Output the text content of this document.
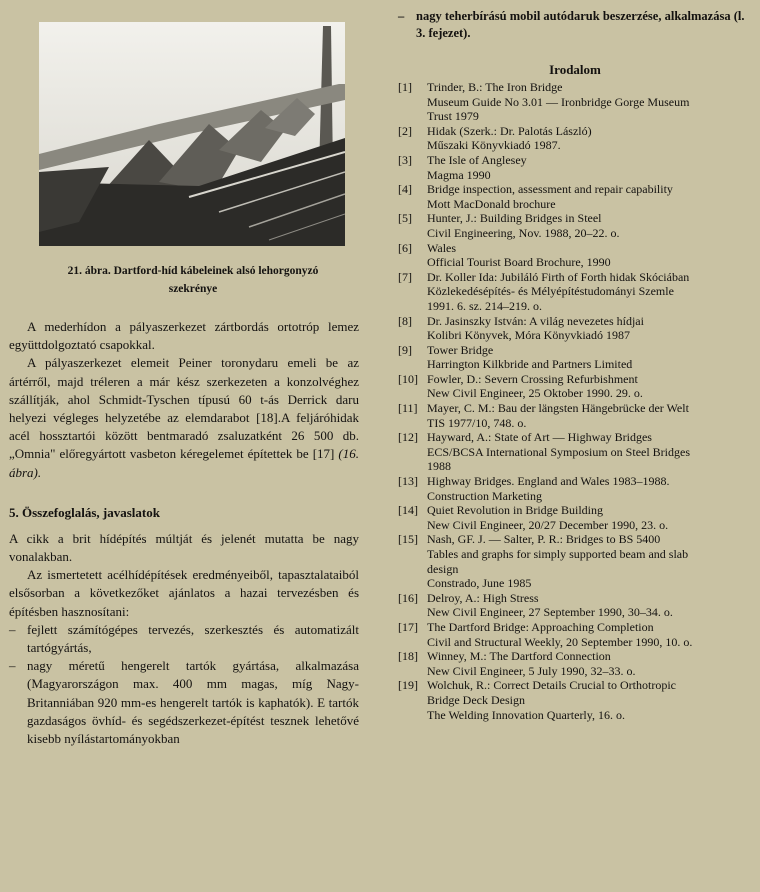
21. ábra. Dartford-híd kábeleinek alsó lehorgonyzó
szekrénye

A mederhídon a pályaszerkezet zártbordás ortotróp lemez együttdolgoztató csapokkal.

A pályaszerkezet elemeit Peiner toronydaru emeli be az ártérről, majd tréleren a már kész szerkezeten a konzolvéghez szállítják, ahol Schmidt-Tyschen típusú 60 t-ás Derrick daru helyezi végleges helyzetébe az elemdarabot [18].A feljáróhidak acél hossztartói között bentmaradó zsaluzatként 26 500 db. „Omnia" előregyártott vasbeton kéregelemet építettek be [17] (16. ábra).

5. Összefoglalás, javaslatok

A cikk a brit hídépítés múltját és jelenét mutatta be nagy vonalakban.

Az ismertetett acélhídépítések eredményeiből, tapasztalataiból elsősorban a következőket ajánlatos a hazai tervezésben és építésben hasznosítani:

– fejlett számítógépes tervezés, szerkesztés és automatizált tartógyártás,
– nagy méretű hengerelt tartók gyártása, alkalmazása (Magyarországon max. 400 mm magas, míg Nagy-Britanniában 920 mm-es hengerelt tartók is kaphatók). E tartók gazdaságos övhíd- és segédszerkezet-építést tesznek lehetővé kisebb nyílástartományokban
– nagy teherbírású mobil autódaruk beszerzése, alkalmazása (l. 3. fejezet).
Irodalom
[1]	Trinder, B.: The Iron Bridge
Museum Guide No 3.01 — Ironbridge Gorge Museum
Trust 1979
[2]	Hidak (Szerk.: Dr. Palotás László)
Műszaki Könyvkiadó 1987.
[3]	The Isle of Anglesey
Magma 1990
[4]	Bridge inspection, assessment and repair capability
Mott MacDonald brochure
[5]	Hunter, J.: Building Bridges in Steel
Civil Engineering, Nov. 1988, 20–22. o.
[6]	Wales
Official Tourist Board Brochure, 1990
[7]	Dr. Koller Ida: Jubiláló Firth of Forth hidak Skóciában
Közlekedésépítés- és Mélyépítéstudományi Szemle
1991. 6. sz. 214–219. o.
[8]	Dr. Jasinszky István: A világ nevezetes hídjai
Kolibri Könyvek, Móra Könyvkiadó 1987
[9]	Tower Bridge
Harrington Kilkbride and Partners Limited
[10] Fowler, D.: Severn Crossing Refurbishment
New Civil Engineer, 25 Oktober 1990. 29. o.
[11] Mayer, C. M.: Bau der längsten Hängebrücke der Welt
TIS 1977/10, 748. o.
[12] Hayward, A.: State of Art — Highway Bridges
ECS/BCSA International Symposium on Steel Bridges
1988
[13] Highway Bridges. England and Wales 1983–1988.
Construction Marketing
[14] Quiet Revolution in Bridge Building
New Civil Engineer, 20/27 December 1990, 23. o.
[15] Nash, GF. J. — Salter, P. R.: Bridges to BS 5400
Tables and graphs for simply supported beam and slab
design
Constrado, June 1985
[16] Delroy, A.: High Stress
New Civil Engineer, 27 September 1990, 30–34. o.
[17] The Dartford Bridge: Approaching Completion
Civil and Structural Weekly, 20 September 1990, 10. o.
[18] Winney, M.: The Dartford Connection
New Civil Engineer, 5 July 1990, 32–33. o.
[19] Wolchuk, R.: Correct Details Crucial to Orthotropic
Bridge Deck Design
The Welding Innovation Quarterly, 16. o.
